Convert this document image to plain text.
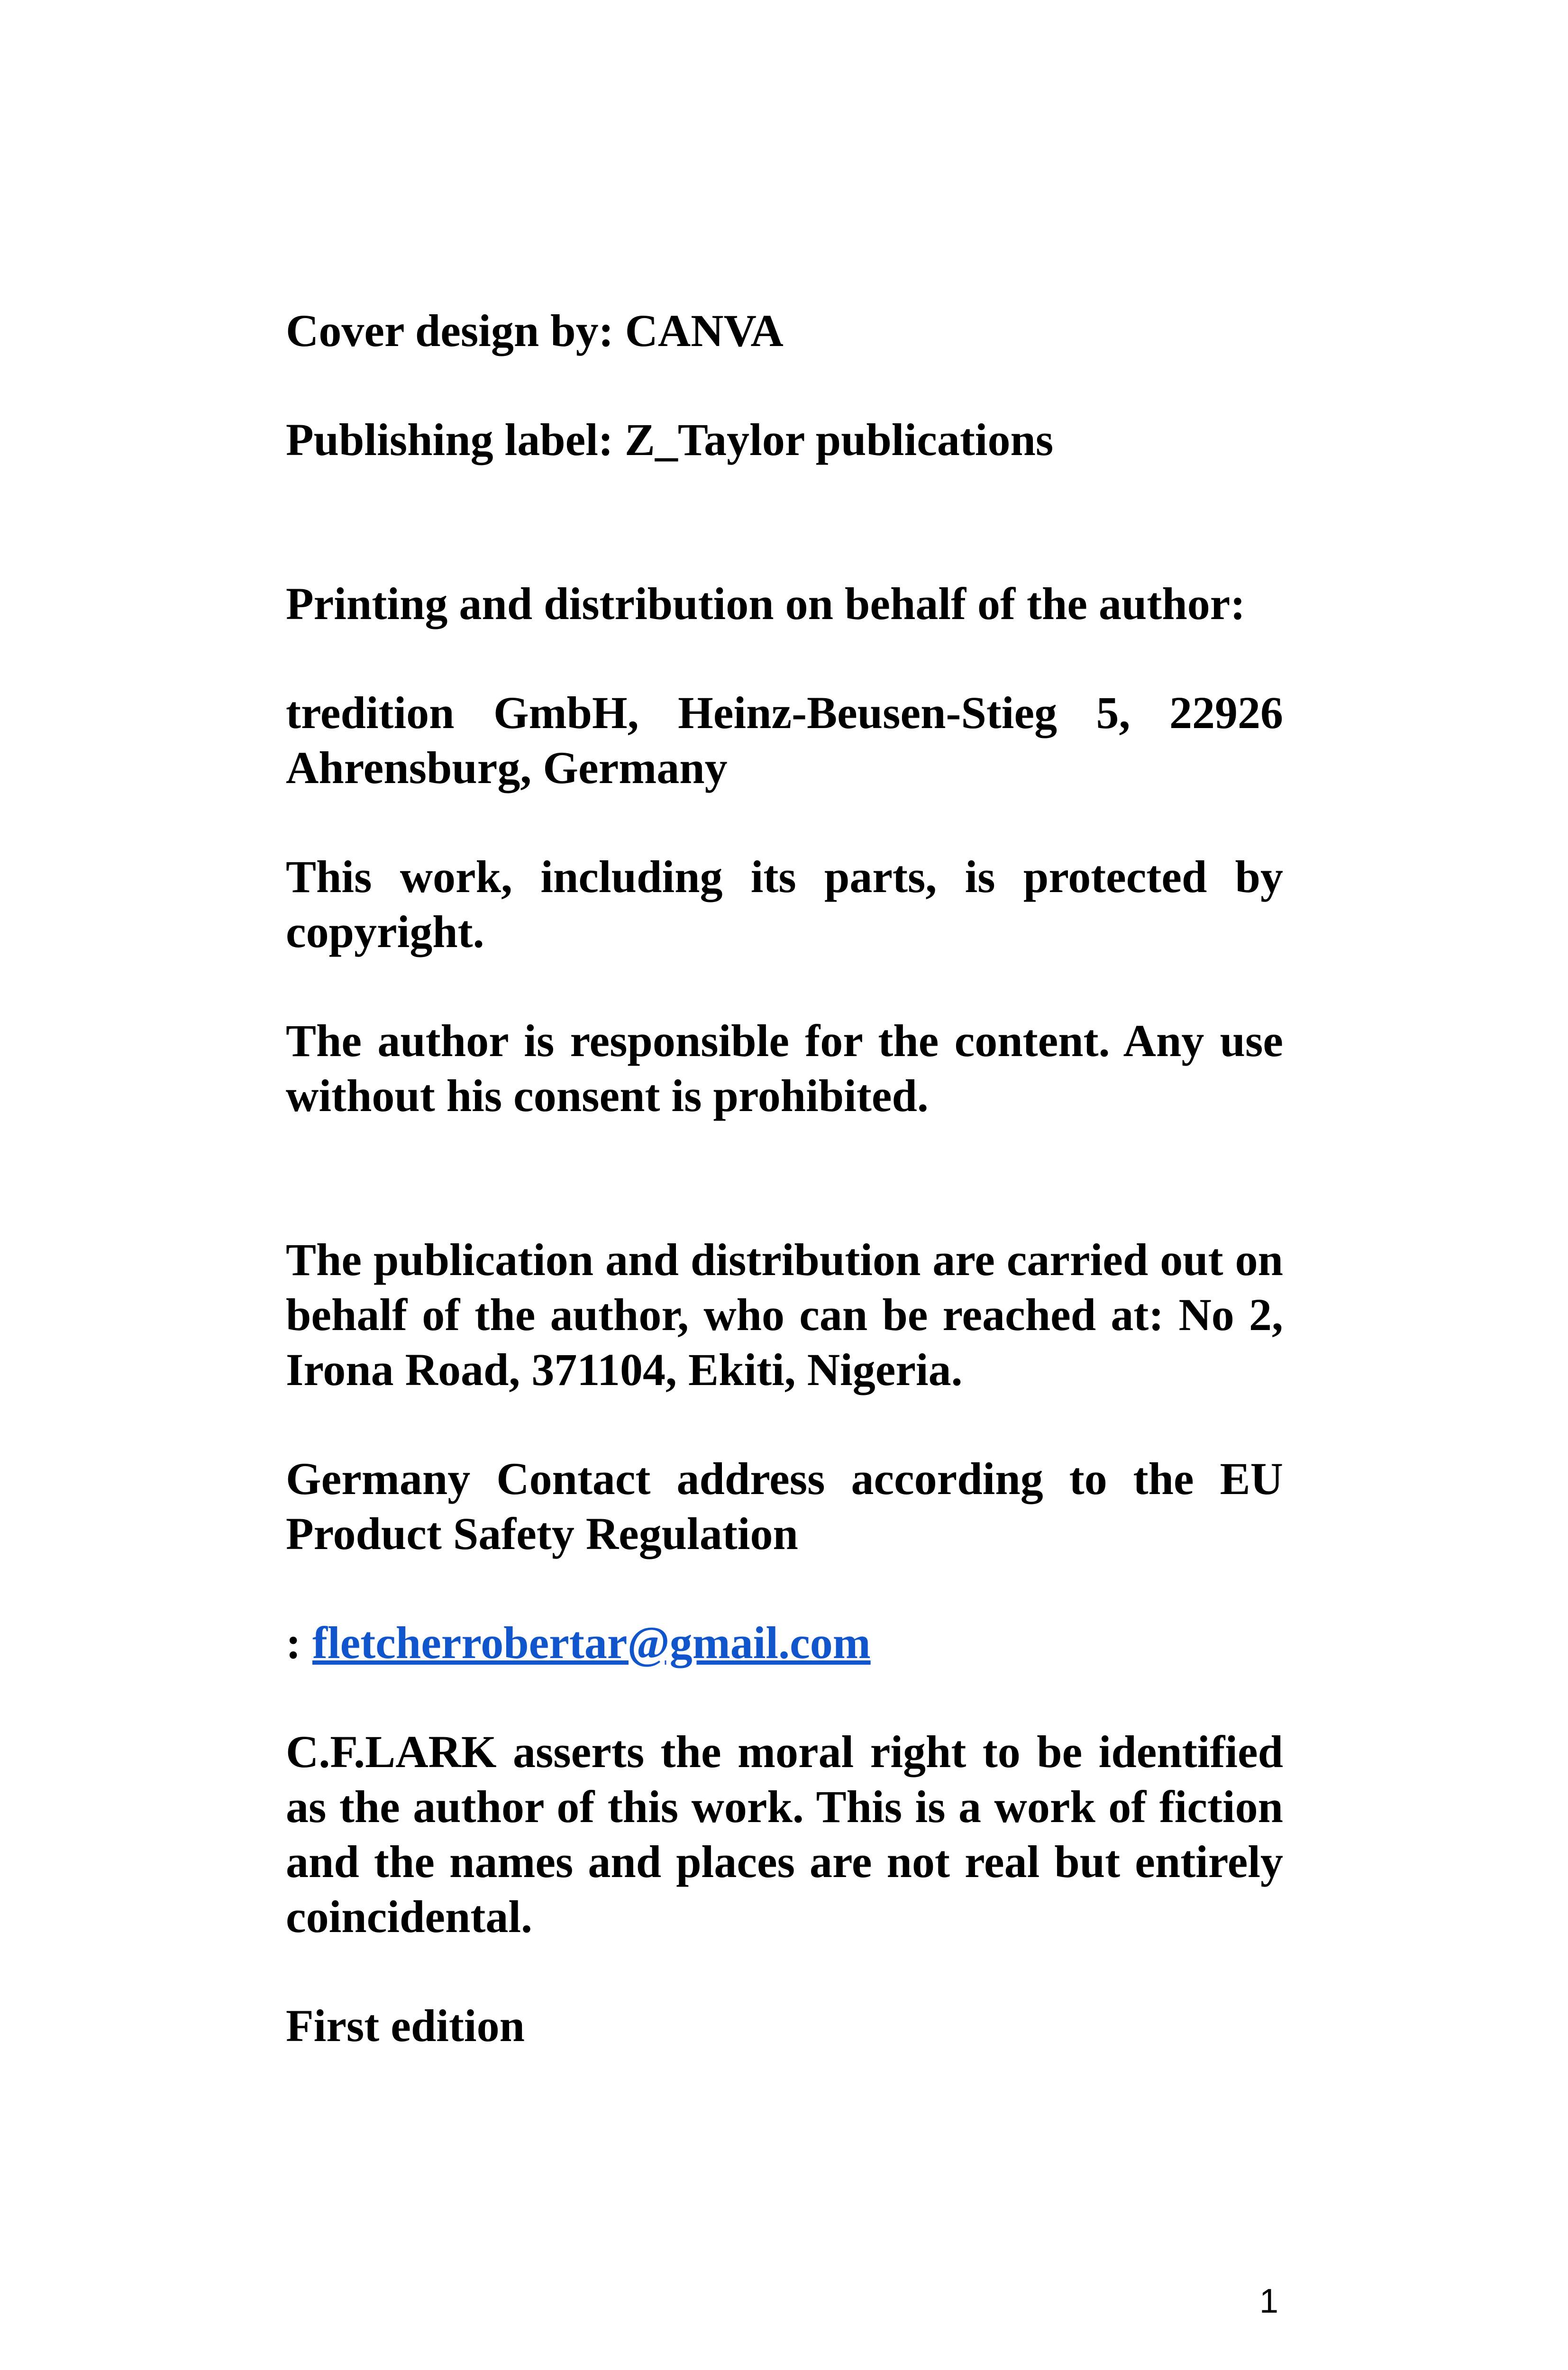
Cover design by: CANVA

Publishing label: Z_Taylor publications

Printing and distribution on behalf of the author:

tredition GmbH, Heinz-Beusen-Stieg 5, 22926 Ahrensburg, Germany

This work, including its parts, is protected by copyright.

The author is responsible for the content. Any use without his consent is prohibited.

The publication and distribution are carried out on behalf of the author, who can be reached at: No 2, Irona Road, 371104, Ekiti, Nigeria.

Germany Contact address according to the EU Product Safety Regulation

: fletcherrobertar@gmail.com

C.F.LARK asserts the moral right to be identified as the author of this work. This is a work of fiction and the names and places are not real but entirely coincidental.

First edition

1
